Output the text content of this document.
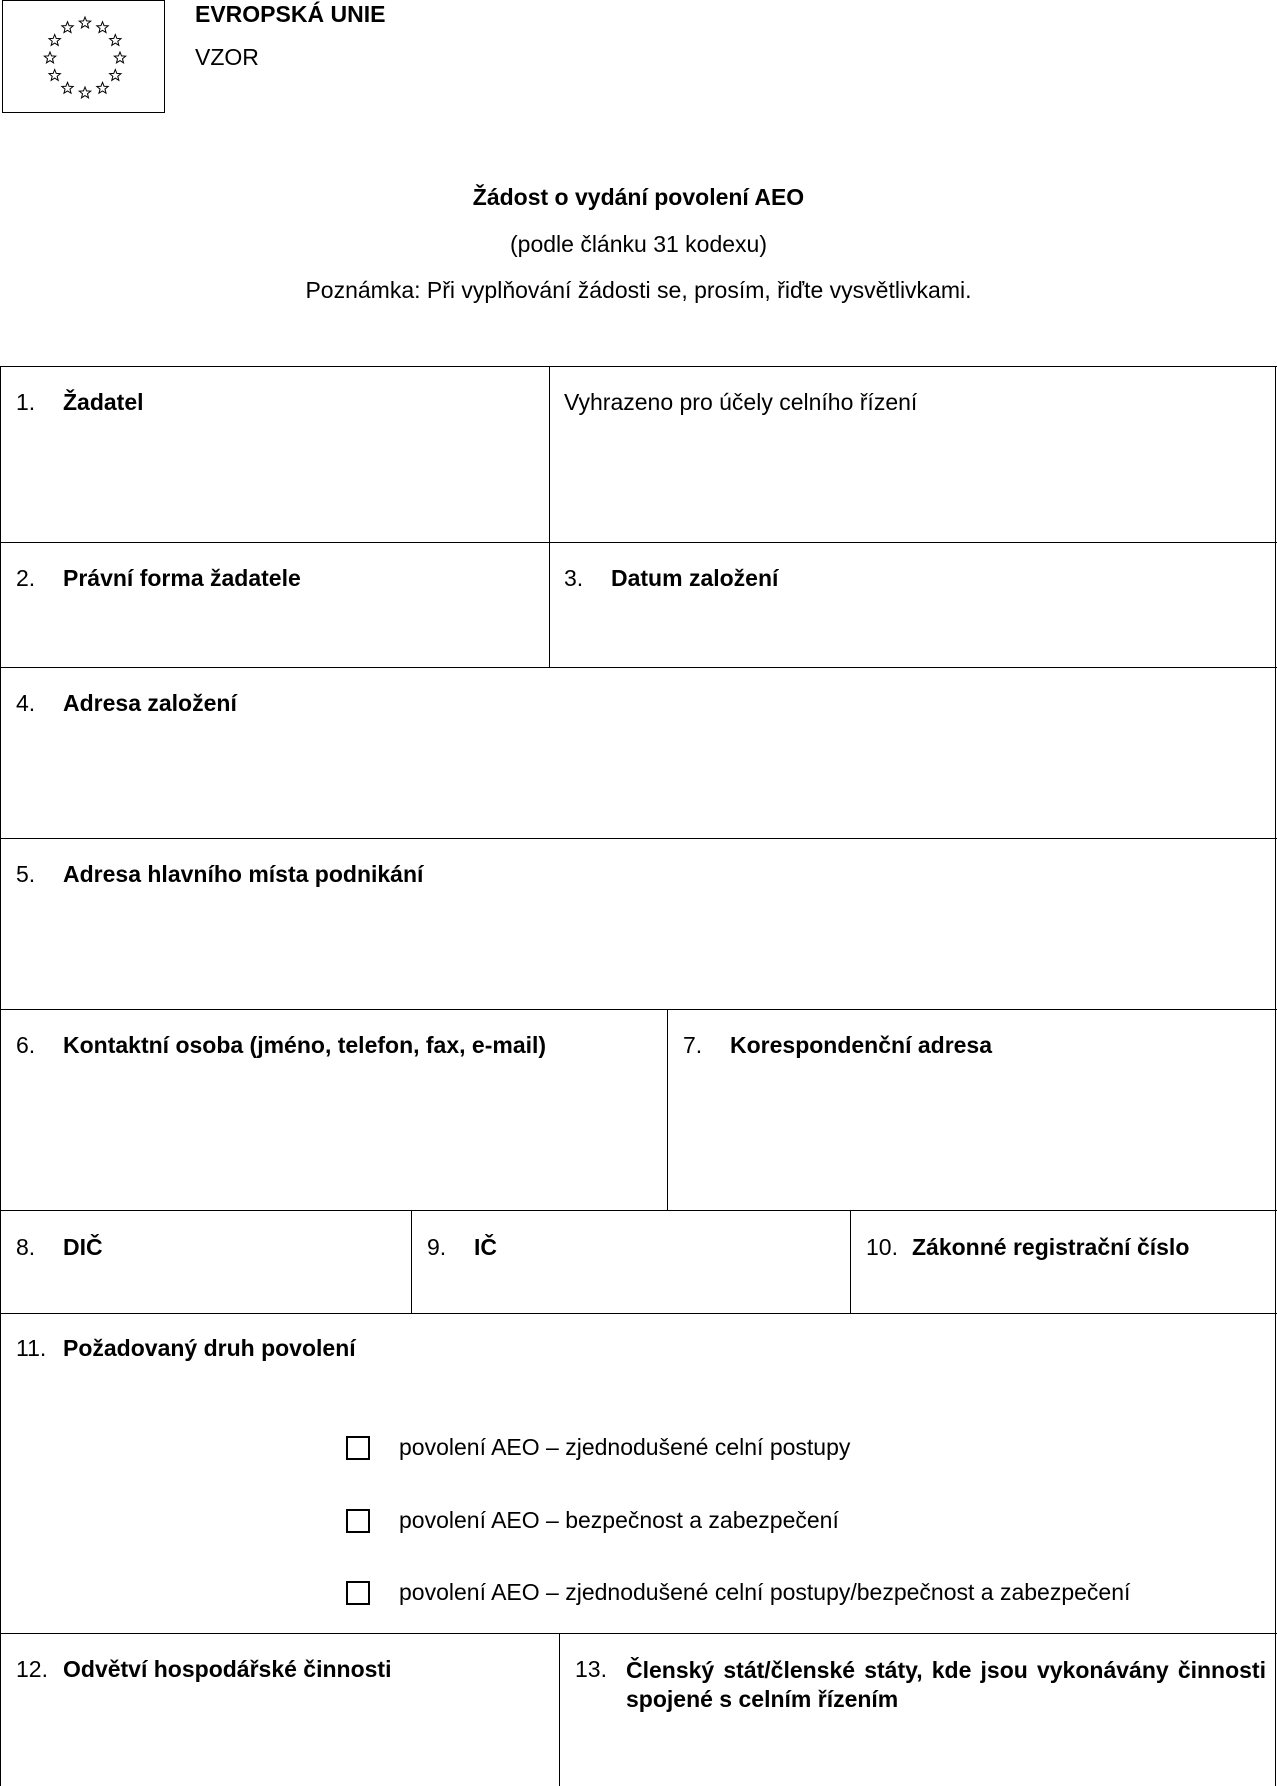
EVROPSKÁ UNIE
VZOR
Žádost o vydání povolení AEO
(podle článku 31 kodexu)
Poznámka: Při vyplňování žádosti se, prosím, řiďte vysvětlivkami.
1. Žadatel	Vyhrazeno pro účely celního řízení
2. Právní forma žadatele	3. Datum založení
4. Adresa založení
5. Adresa hlavního místa podnikání
6. Kontaktní osoba (jméno, telefon, fax, e-mail)	7. Korespondenční adresa
8. DIČ	9. IČ	10. Zákonné registrační číslo
11. Požadovaný druh povolení
povolení AEO – zjednodušené celní postupy
povolení AEO – bezpečnost a zabezpečení
povolení AEO – zjednodušené celní postupy/bezpečnost a zabezpečení
12. Odvětví hospodářské činnosti	13. Členský stát/členské státy, kde jsou vykonávány činnosti spojené s celním řízením
